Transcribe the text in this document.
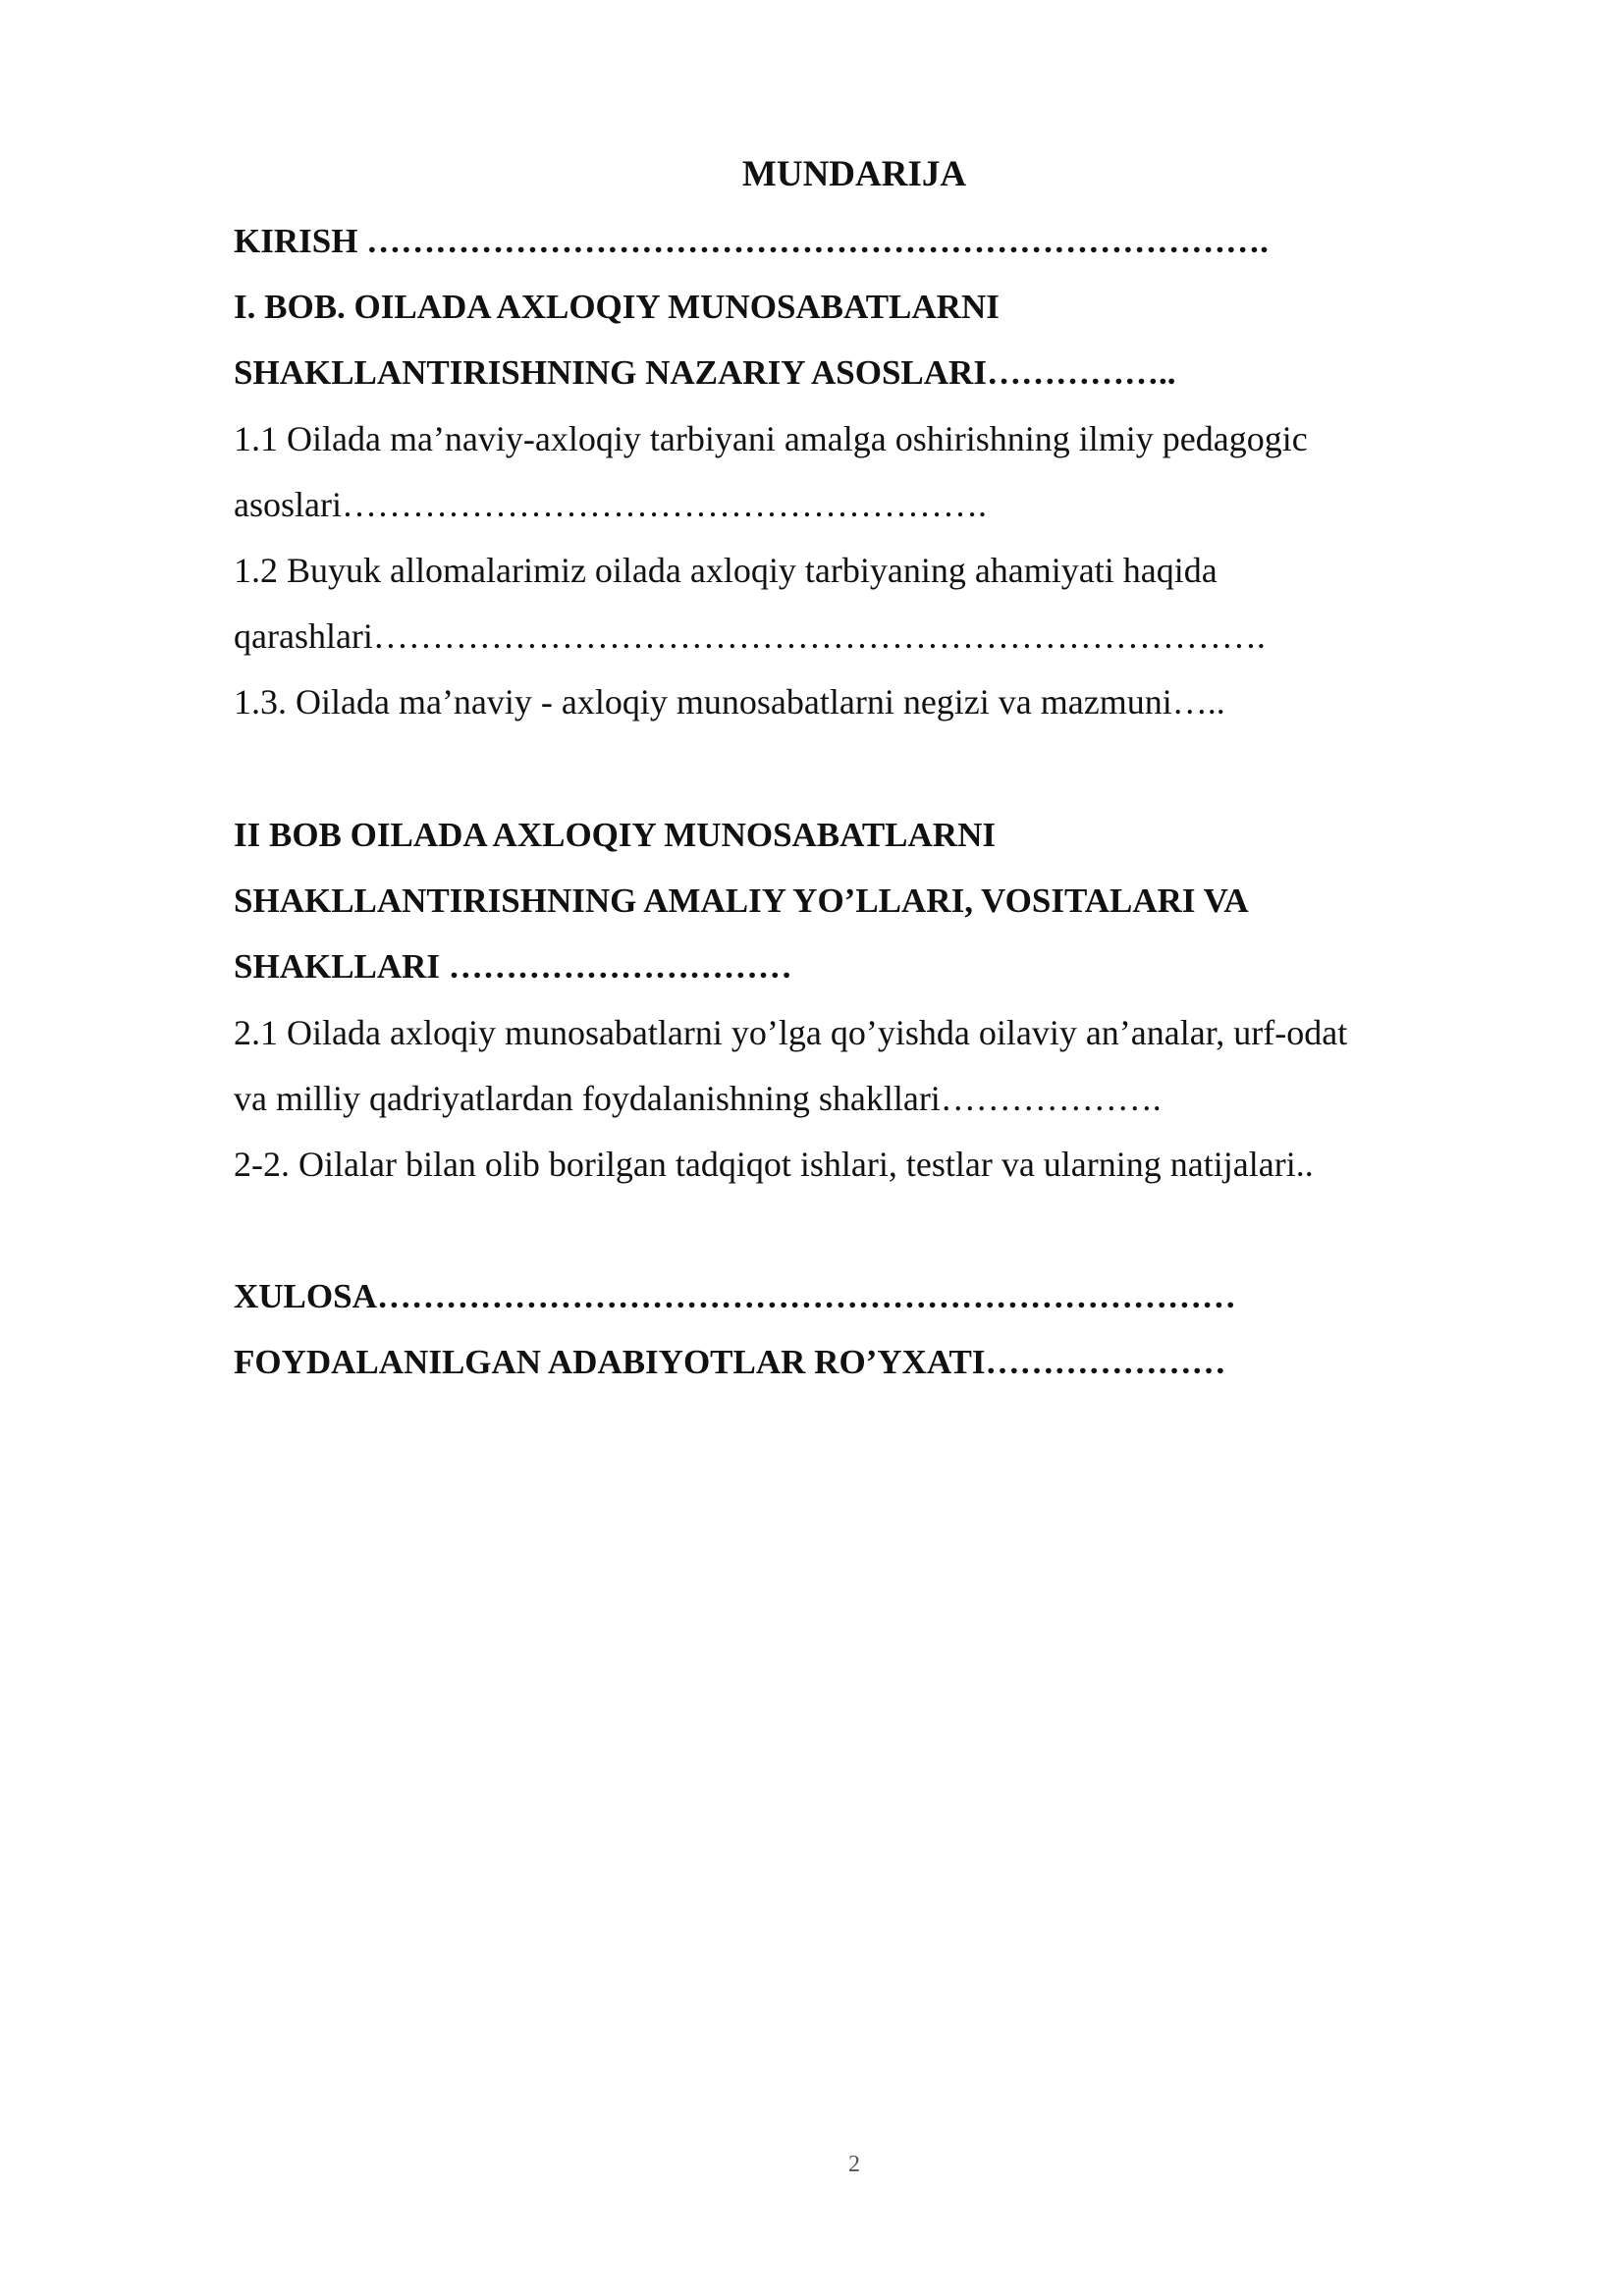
MUNDARIJA
KIRISH …………………………………………………………………….
I. BOB. OILADA AXLOQIY MUNOSABATLARNI
SHAKLLANTIRISHNING NAZARIY ASOSLARI……………..
1.1 Oilada ma’naviy-axloqiy tarbiyani amalga oshirishning ilmiy pedagogic
asoslari……………………………………………….
1.2 Buyuk allomalarimiz oilada axloqiy tarbiyaning ahamiyati haqida
qarashlari………………………………………………………………….
1.3. Oilada ma’naviy - axloqiy munosabatlarni negizi va mazmuni…..
II BOB OILADA AXLOQIY MUNOSABATLARNI
SHAKLLANTIRISHNING AMALIY YO’LLARI, VOSITALARI VA
SHAKLLARI …………………………
2.1 Oilada axloqiy munosabatlarni yo’lga qo’yishda oilaviy an’analar, urf-odat
va milliy qadriyatlardan foydalanishning shakllari……………….
2-2. Oilalar bilan olib borilgan tadqiqot ishlari, testlar va ularning natijalari..
XULOSA…………………………………………………………………
FOYDALANILGAN ADABIYOTLAR RO’YXATI…………………
2
